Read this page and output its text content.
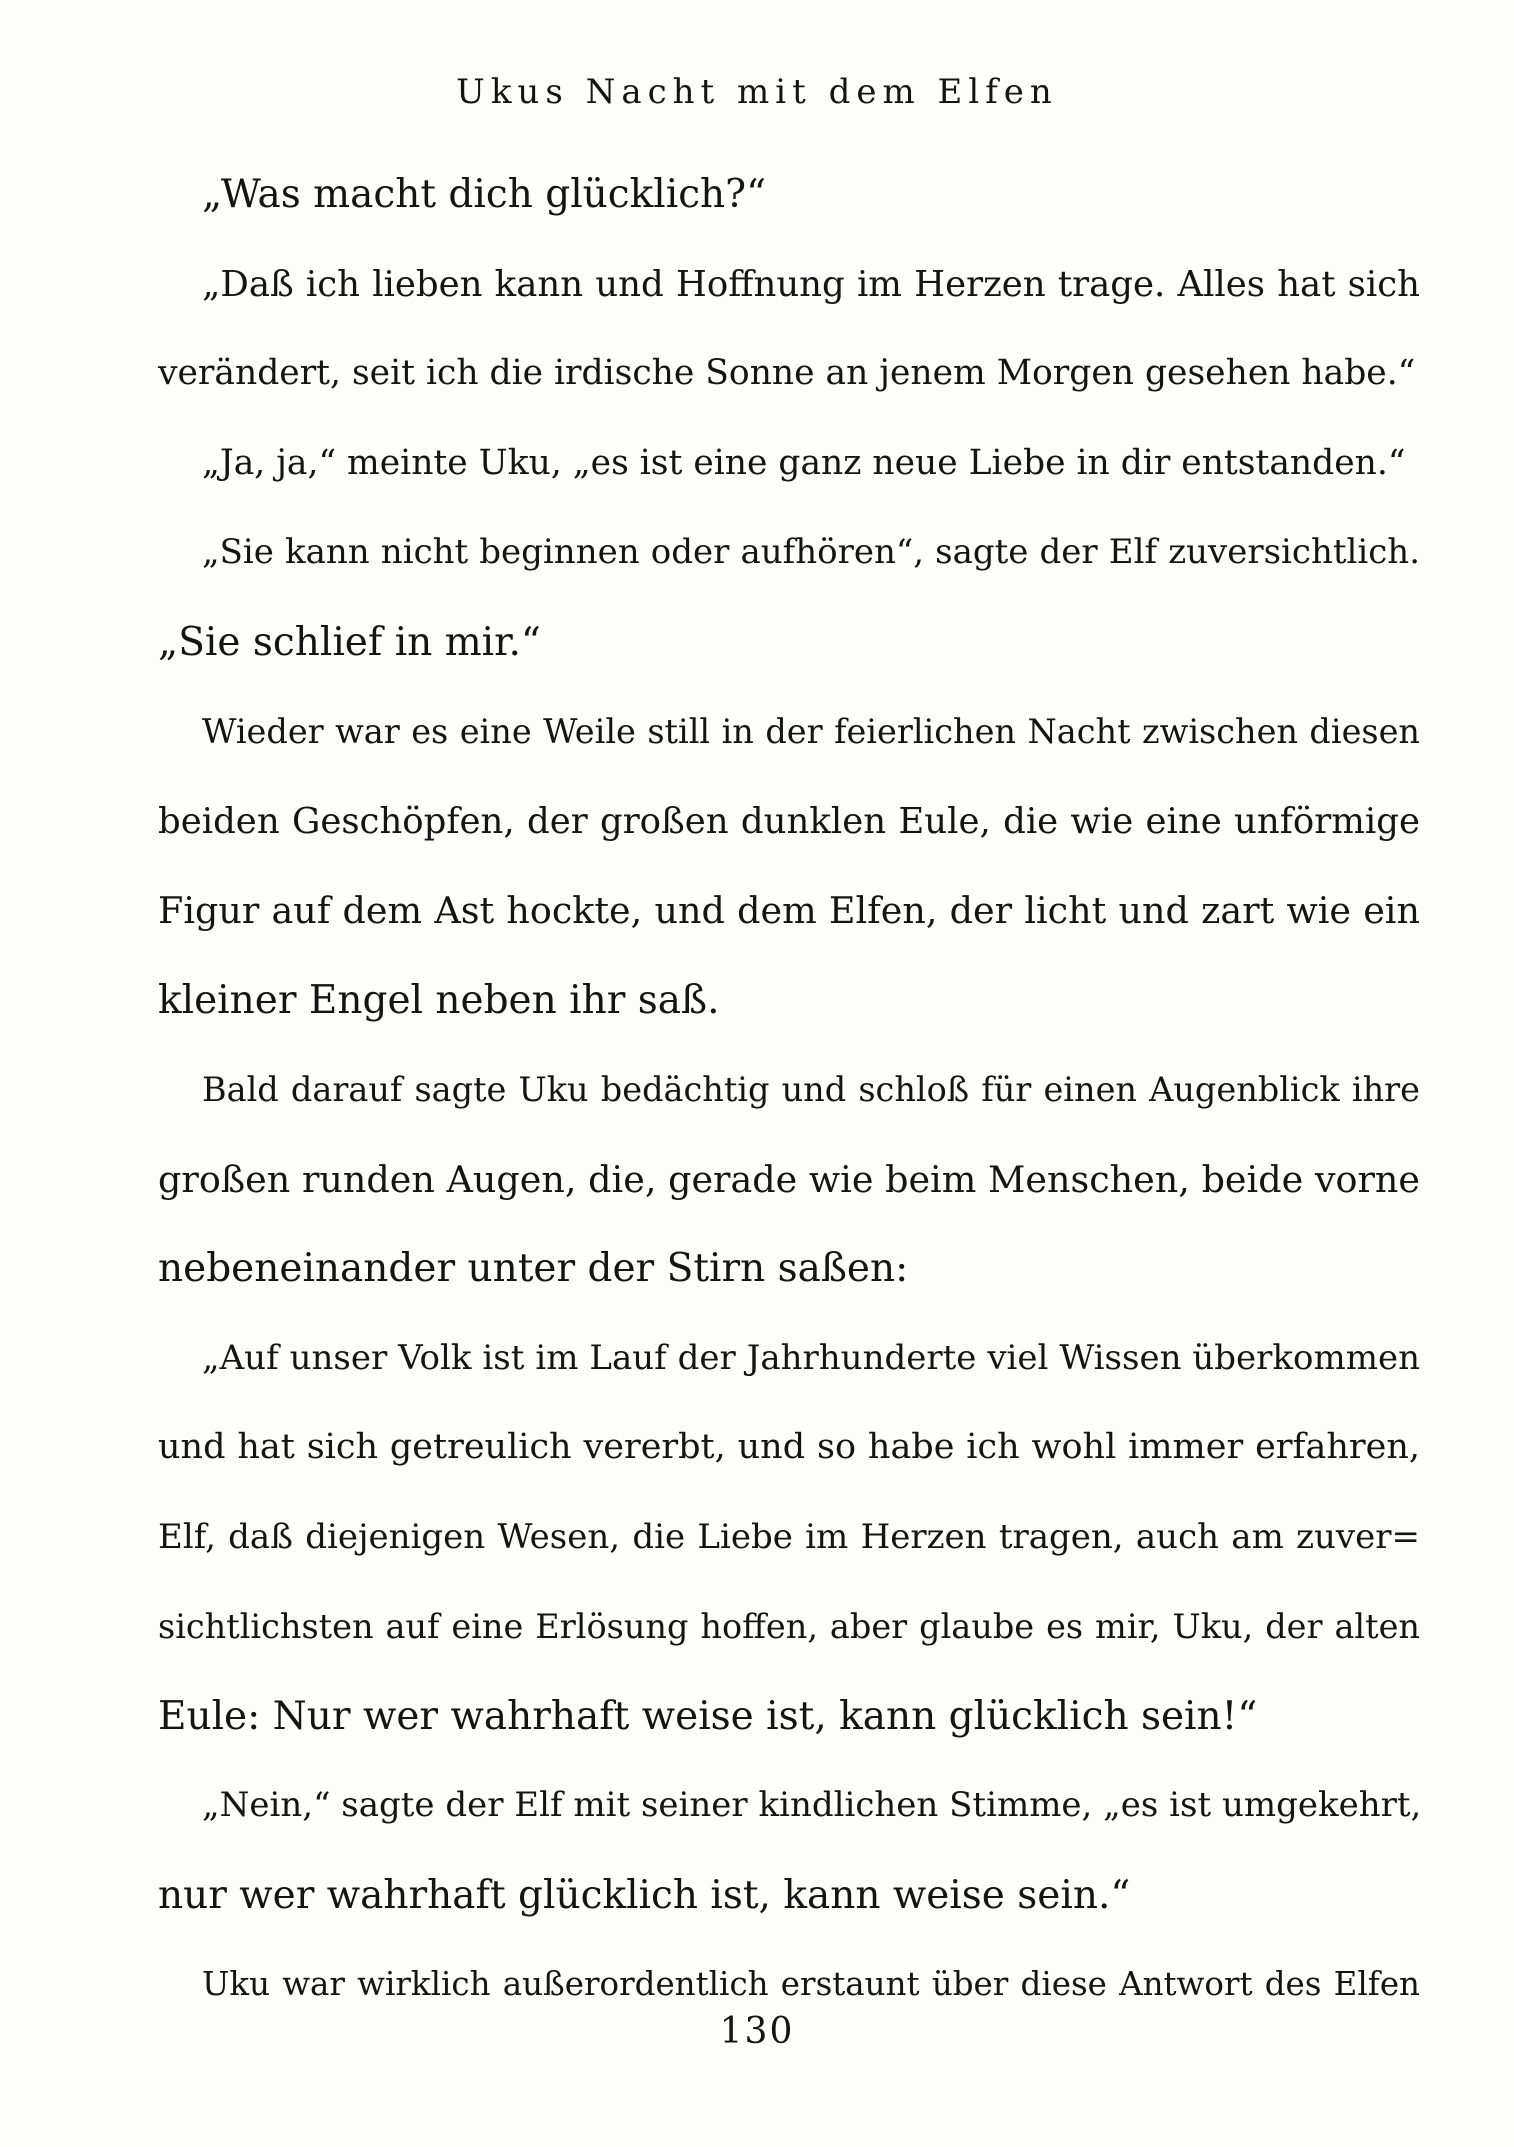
Ukus Nacht mit dem Elfen
„Was macht dich glücklich?“
„Daß ich lieben kann und Hoffnung im Herzen trage. Alles hat sich
verändert, seit ich die irdische Sonne an jenem Morgen gesehen habe.“
„Ja, ja,“ meinte Uku, „es ist eine ganz neue Liebe in dir entstanden.“
„Sie kann nicht beginnen oder aufhören“, sagte der Elf zuversichtlich.
„Sie schlief in mir.“
Wieder war es eine Weile still in der feierlichen Nacht zwischen diesen
beiden Geschöpfen, der großen dunklen Eule, die wie eine unförmige
Figur auf dem Ast hockte, und dem Elfen, der licht und zart wie ein
kleiner Engel neben ihr saß.
Bald darauf sagte Uku bedächtig und schloß für einen Augenblick ihre
großen runden Augen, die, gerade wie beim Menschen, beide vorne
nebeneinander unter der Stirn saßen:
„Auf unser Volk ist im Lauf der Jahrhunderte viel Wissen überkommen
und hat sich getreulich vererbt, und so habe ich wohl immer erfahren,
Elf, daß diejenigen Wesen, die Liebe im Herzen tragen, auch am zuver=
sichtlichsten auf eine Erlösung hoffen, aber glaube es mir, Uku, der alten
Eule: Nur wer wahrhaft weise ist, kann glücklich sein!“
„Nein,“ sagte der Elf mit seiner kindlichen Stimme, „es ist umgekehrt,
nur wer wahrhaft glücklich ist, kann weise sein.“
Uku war wirklich außerordentlich erstaunt über diese Antwort des Elfen
130
